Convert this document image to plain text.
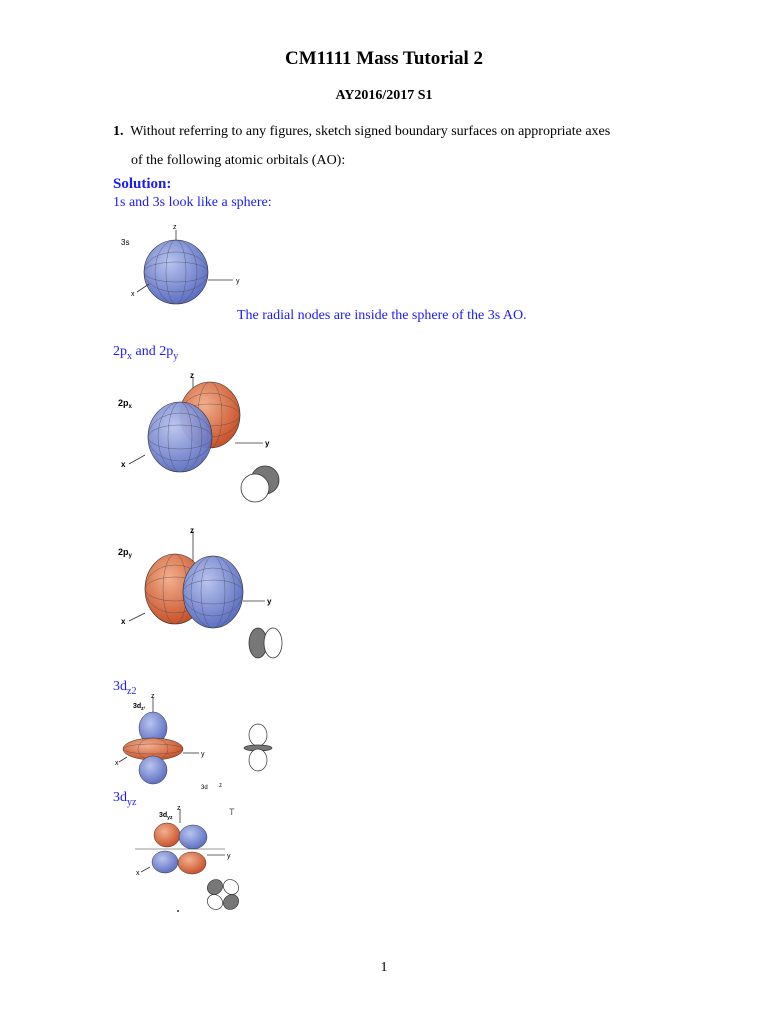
CM1111 Mass Tutorial 2
AY2016/2017 S1
1. Without referring to any figures, sketch signed boundary surfaces on appropriate axes
of the following atomic orbitals (AO):
Solution:
1s and 3s look like a sphere:
3s
z
y
x
The radial nodes are inside the sphere of the 3s AO.
$2p_x$ and $2p_y$
$2p_x$
z
y
x
$2p_y$
z
y
x
$3d_{z2}$
$3d_{z^2}$
z
y
x
3d z
$3d_{yz}$
$3d_{yz}$
z
y
x
T
1
